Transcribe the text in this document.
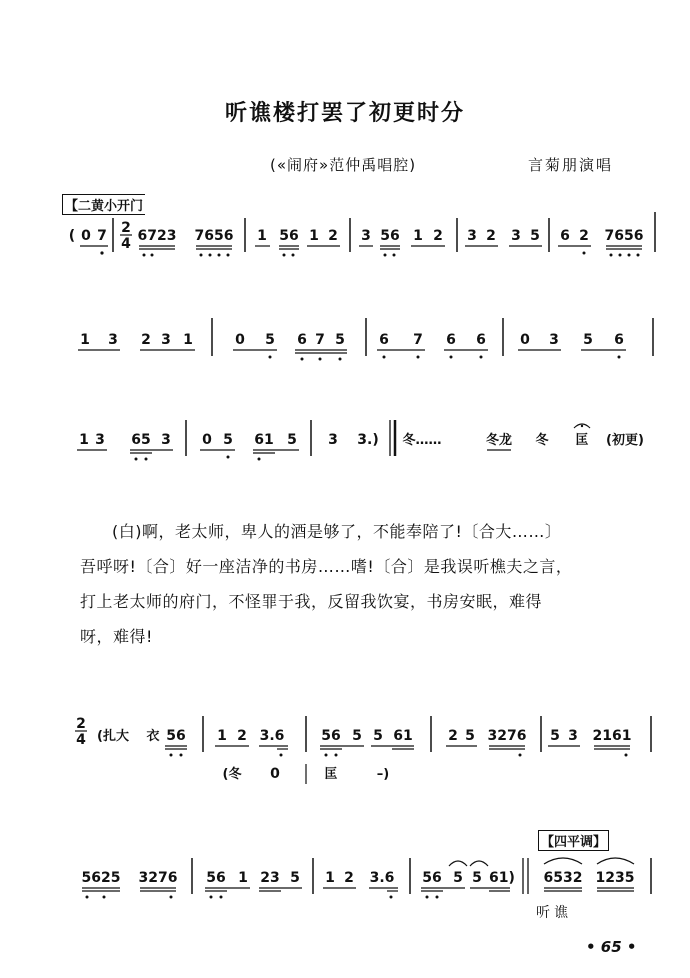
听谯楼打罢了初更时分
(«闹府»范仲禹唱腔)	言菊朋演唱
【二黄小开门
【四平调】
( 0 7 2
4 6723 7656 1 56 1 2 3 56 1 2 3 2 3 5 6 2 7656
1 3 2 3 1	0 5 6 7 5 6 7 6 6 0 3 5 6
1 3 65 3 0 5 61 5 3 3.) 冬……	冬龙 冬 匡 (初更)
2
4 (扎大 衣 56 1 2 3.6	56 5 5 61	2 5 3276 5 3 2161
(冬 0	匡	–)
5625 3276 56 1 23 5 1 2 3.6 56 5 5 61) 6532 1235

(白)啊，老太师，卑人的酒是够了，不能奉陪了!〔合大……〕

吾呼呀!〔合〕好一座洁净的书房……嗜!〔合〕是我误听樵夫之言，

打上老太师的府门，不怪罪于我，反留我饮宴，书房安眠，难得

呀，难得!

听谯
• 65 •
